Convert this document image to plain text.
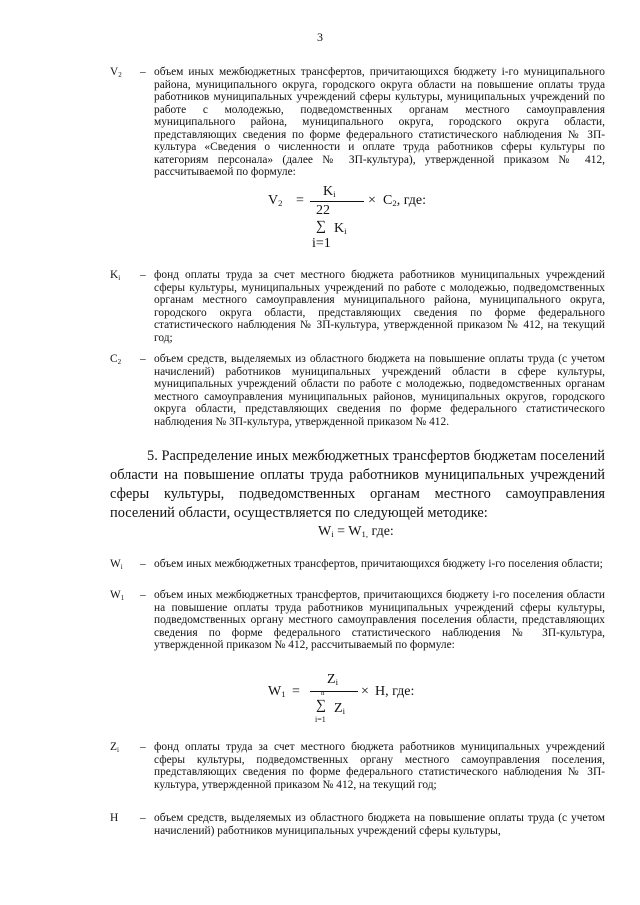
3
$V_2$	– объем иных межбюджетных трансфертов, причитающихся бюджету i-го муниципального района, муниципального округа, городского округа области на повышение оплаты труда работников муниципальных учреждений сферы культуры, муниципальных учреждений по работе с молодежью, подведомственных органам местного самоуправления муниципального района, муниципального округа, городского округа области, представляющих сведения по форме федерального статистического наблюдения № ЗП-культура «Сведения о численности и оплате труда работников сферы культуры по категориям персонала» (далее № ЗП-культура), утвержденной приказом № 412, рассчитываемой по формуле:
$V_2$ =
$K_i \times C_2$, где:
22
∑ $K_i$
i=1
$K_i$	– фонд оплаты труда за счет местного бюджета работников муниципальных учреждений сферы культуры, муниципальных учреждений по работе с молодежью, подведомственных органам местного самоуправления муниципального района, муниципального округа, городского округа области, представляющих сведения по форме федерального статистического наблюдения № ЗП-культура, утвержденной приказом № 412, на текущий год;
$C_2$	– объем средств, выделяемых из областного бюджета на повышение оплаты труда (с учетом начислений) работников муниципальных учреждений области в сфере культуры, муниципальных учреждений области по работе с молодежью, подведомственных органам местного самоуправления муниципальных районов, муниципальных округов, городского округа области, представляющих сведения по форме федерального статистического наблюдения № ЗП-культура, утвержденной приказом № 412.
5. Распределение иных межбюджетных трансфертов бюджетам поселений области на повышение оплаты труда работников муниципальных учреждений сферы культуры, подведомственных органам местного самоуправления поселений области, осуществляется по следующей методике:
$W_i = W_{1,}$ где:
$W_i$	– объем иных межбюджетных трансфертов, причитающихся бюджету i-го поселения области;
$W_1$	– объем иных межбюджетных трансфертов, причитающихся бюджету i-го поселения области на повышение оплаты труда работников муниципальных учреждений сферы культуры, подведомственных органу местного самоуправления поселения области, представляющих сведения по форме федерального статистического наблюдения № ЗП-культура, утвержденной приказом № 412, рассчитываемый по формуле:
$W_1$ =
$Z_i$
n
∑ $Z_i$
i=1
× Н, где:
$Z_i$	– фонд оплаты труда за счет местного бюджета работников муниципальных учреждений сферы культуры, подведомственных органу местного самоуправления поселения, представляющих сведения по форме федерального статистического наблюдения № ЗП-культура, утвержденной приказом № 412, на текущий год;
Н	– объем средств, выделяемых из областного бюджета на повышение оплаты труда (с учетом начислений) работников муниципальных учреждений сферы культуры,
